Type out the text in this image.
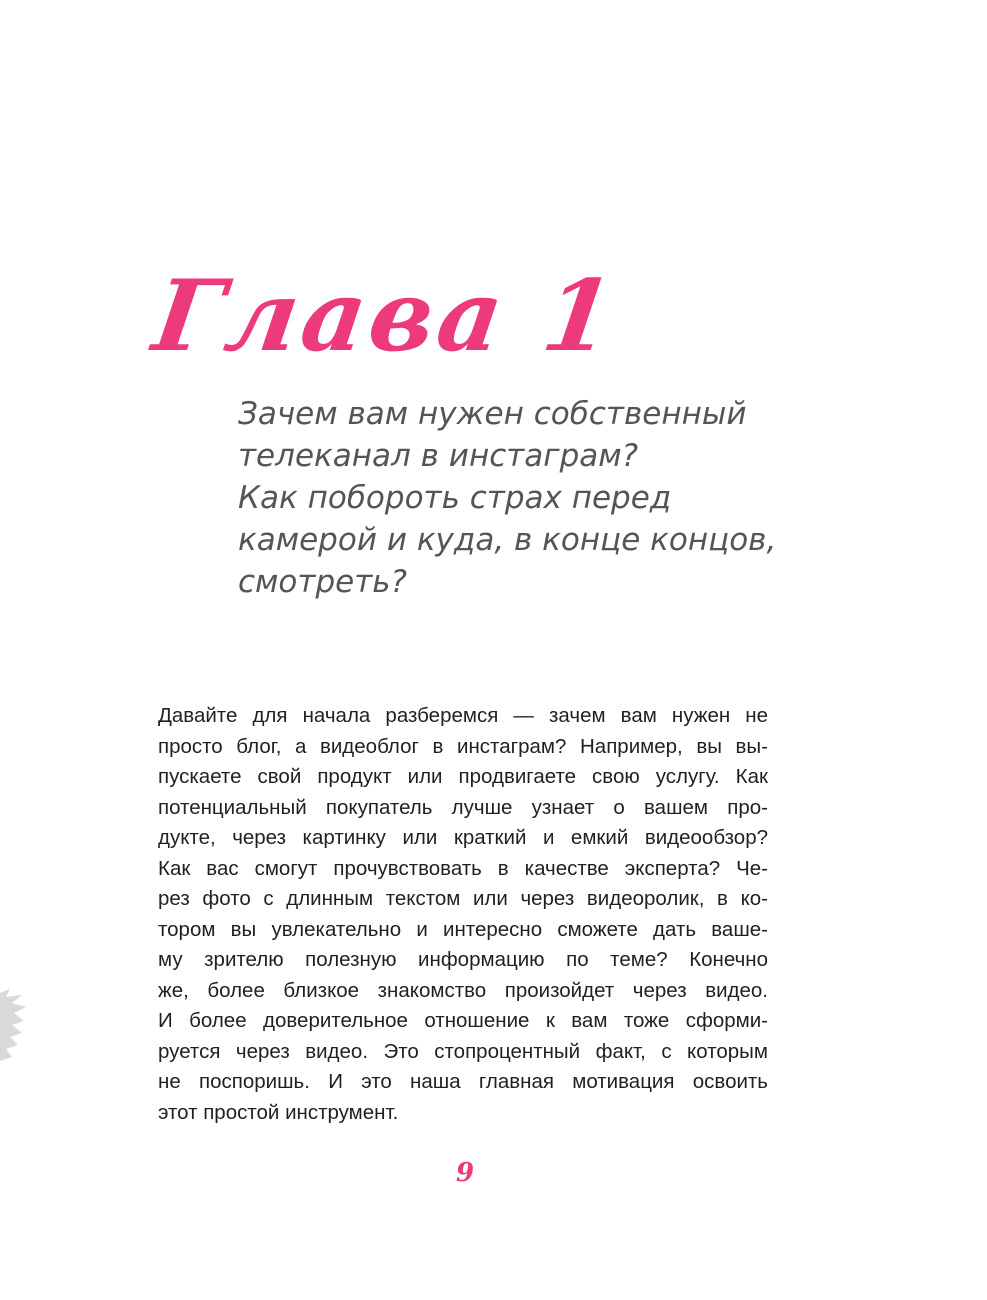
Глава 1
Зачем вам нужен собственный
телеканал в инстаграм?
Как побороть страх перед
камерой и куда, в конце концов,
смотреть?
Давайте для начала разберемся — зачем вам нужен не
просто блог, а видеоблог в инстаграм? Например, вы вы-
пускаете свой продукт или продвигаете свою услугу. Как
потенциальный покупатель лучше узнает о вашем про-
дукте, через картинку или краткий и емкий видеообзор?
Как вас смогут прочувствовать в качестве эксперта? Че-
рез фото с длинным текстом или через видеоролик, в ко-
тором вы увлекательно и интересно сможете дать ваше-
му зрителю полезную информацию по теме? Конечно
же, более близкое знакомство произойдет через видео.
И более доверительное отношение к вам тоже сформи-
руется через видео. Это стопроцентный факт, с которым
не поспоришь. И это наша главная мотивация освоить
этот простой инструмент.
9
